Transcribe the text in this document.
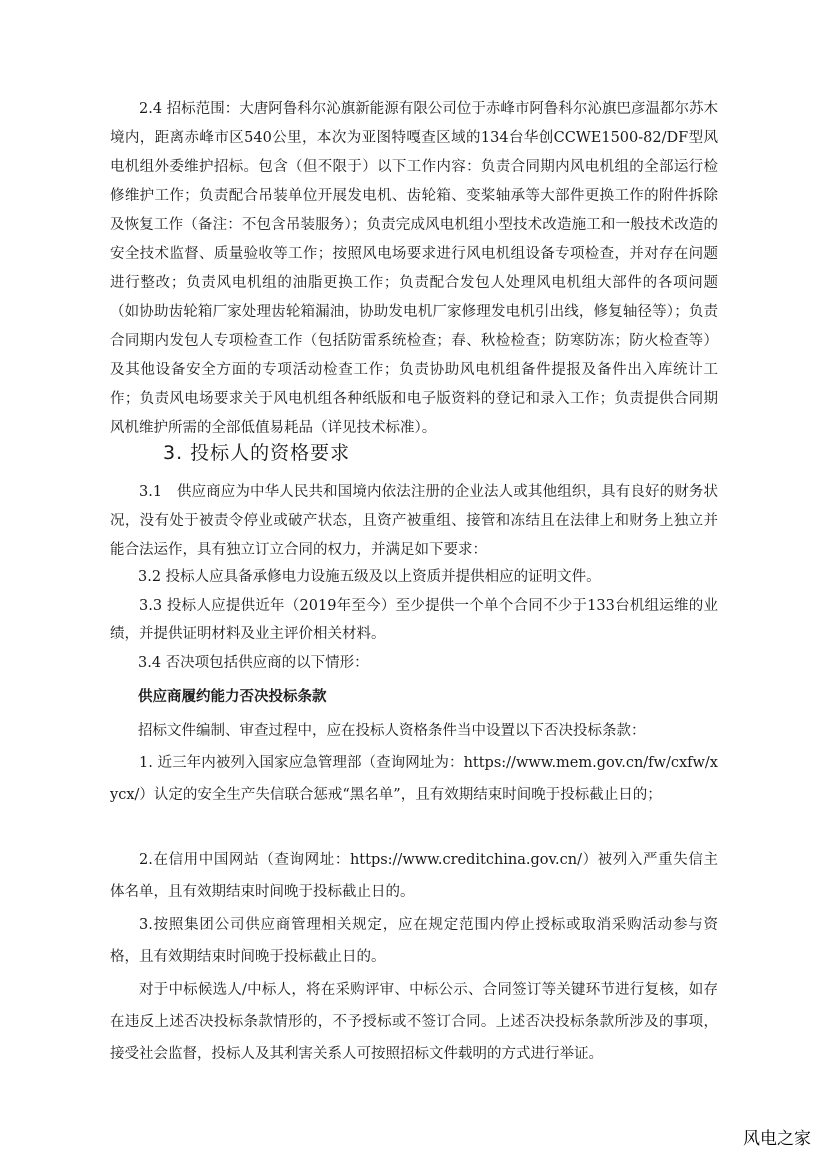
2.4 招标范围：大唐阿鲁科尔沁旗新能源有限公司位于赤峰市阿鲁科尔沁旗巴彦温都尔苏木境内，距离赤峰市区540公里，本次为亚图特嘎查区域的134台华创CCWE1500-82/DF型风电机组外委维护招标。包含（但不限于）以下工作内容：负责合同期内风电机组的全部运行检修维护工作；负责配合吊装单位开展发电机、齿轮箱、变桨轴承等大部件更换工作的附件拆除及恢复工作（备注：不包含吊装服务）；负责完成风电机组小型技术改造施工和一般技术改造的安全技术监督、质量验收等工作；按照风电场要求进行风电机组设备专项检查，并对存在问题进行整改；负责风电机组的油脂更换工作；负责配合发包人处理风电机组大部件的各项问题（如协助齿轮箱厂家处理齿轮箱漏油，协助发电机厂家修理发电机引出线，修复轴径等）；负责合同期内发包人专项检查工作（包括防雷系统检查；春、秋检检查；防寒防冻；防火检查等）及其他设备安全方面的专项活动检查工作；负责协助风电机组备件提报及备件出入库统计工作；负责风电场要求关于风电机组各种纸版和电子版资料的登记和录入工作；负责提供合同期风机维护所需的全部低值易耗品（详见技术标准）。
3. 投标人的资格要求
3.1　供应商应为中华人民共和国境内依法注册的企业法人或其他组织，具有良好的财务状况，没有处于被责令停业或破产状态，且资产被重组、接管和冻结且在法律上和财务上独立并能合法运作，具有独立订立合同的权力，并满足如下要求：
3.2 投标人应具备承修电力设施五级及以上资质并提供相应的证明文件。
3.3 投标人应提供近年（2019年至今）至少提供一个单个合同不少于133台机组运维的业绩，并提供证明材料及业主评价相关材料。
3.4 否决项包括供应商的以下情形：
供应商履约能力否决投标条款
招标文件编制、审查过程中，应在投标人资格条件当中设置以下否决投标条款：
1. 近三年内被列入国家应急管理部（查询网址为：https://www.mem.gov.cn/fw/cxfw/xycx/）认定的安全生产失信联合惩戒“黑名单”，且有效期结束时间晚于投标截止日的；
2.在信用中国网站（查询网址：https://www.creditchina.gov.cn/）被列入严重失信主体名单，且有效期结束时间晚于投标截止日的。
3.按照集团公司供应商管理相关规定，应在规定范围内停止授标或取消采购活动参与资格，且有效期结束时间晚于投标截止日的。
对于中标候选人/中标人，将在采购评审、中标公示、合同签订等关键环节进行复核，如存在违反上述否决投标条款情形的，不予授标或不签订合同。上述否决投标条款所涉及的事项，接受社会监督，投标人及其利害关系人可按照招标文件载明的方式进行举证。
风电之家
